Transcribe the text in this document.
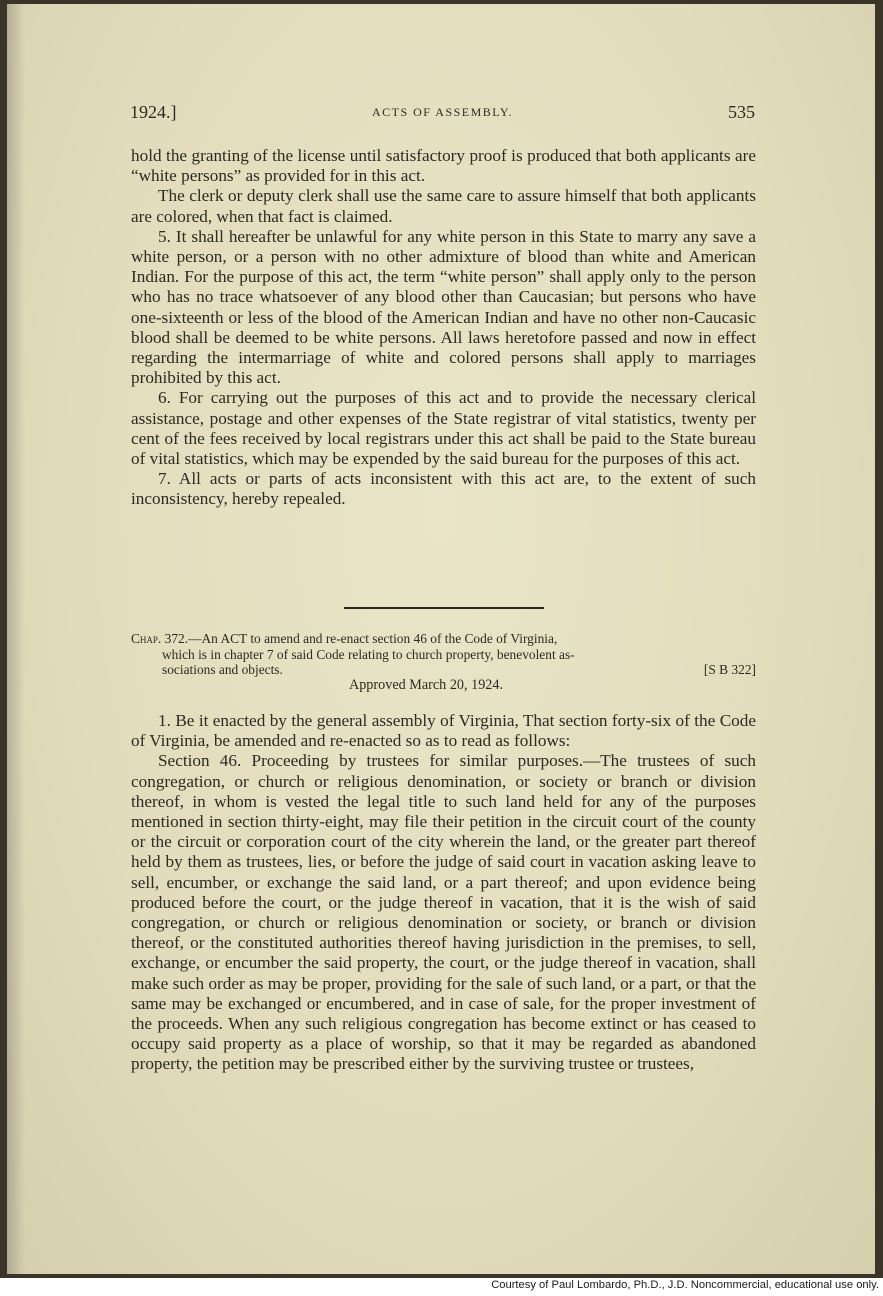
1924.]	ACTS OF ASSEMBLY.	535

hold the granting of the license until satisfactory proof is produced that both applicants are “white persons” as provided for in this act.

The clerk or deputy clerk shall use the same care to assure himself that both applicants are colored, when that fact is claimed.

5. It shall hereafter be unlawful for any white person in this State to marry any save a white person, or a person with no other admixture of blood than white and American Indian. For the purpose of this act, the term “white person” shall apply only to the person who has no trace whatsoever of any blood other than Caucasian; but persons who have one-sixteenth or less of the blood of the American Indian and have no other non-Caucasic blood shall be deemed to be white persons. All laws heretofore passed and now in effect regarding the intermarriage of white and colored persons shall apply to marriages prohibited by this act.

6. For carrying out the purposes of this act and to provide the necessary clerical assistance, postage and other expenses of the State registrar of vital statistics, twenty per cent of the fees received by local registrars under this act shall be paid to the State bureau of vital statistics, which may be expended by the said bureau for the purposes of this act.

7. All acts or parts of acts inconsistent with this act are, to the extent of such inconsistency, hereby repealed.

Chap. 372.—An ACT to amend and re-enact section 46 of the Code of Virginia,

which is in chapter 7 of said Code relating to church property, benevolent as-

sociations and objects.	[S B 322]

Approved March 20, 1924.

1. Be it enacted by the general assembly of Virginia, That section forty-six of the Code of Virginia, be amended and re-enacted so as to read as follows:

Section 46. Proceeding by trustees for similar purposes.—The trustees of such congregation, or church or religious denomination, or society or branch or division thereof, in whom is vested the legal title to such land held for any of the purposes mentioned in section thirty-eight, may file their petition in the circuit court of the county or the circuit or corporation court of the city wherein the land, or the greater part thereof held by them as trustees, lies, or before the judge of said court in vacation asking leave to sell, encumber, or exchange the said land, or a part thereof; and upon evidence being produced before the court, or the judge thereof in vacation, that it is the wish of said congregation, or church or religious denomination or society, or branch or division thereof, or the constituted authorities thereof having jurisdiction in the premises, to sell, exchange, or encumber the said property, the court, or the judge thereof in vacation, shall make such order as may be proper, providing for the sale of such land, or a part, or that the same may be exchanged or encumbered, and in case of sale, for the proper investment of the proceeds. When any such religious congregation has become extinct or has ceased to occupy said property as a place of worship, so that it may be regarded as abandoned property, the petition may be prescribed either by the surviving trustee or trustees,

Courtesy of Paul Lombardo, Ph.D., J.D. Noncommercial, educational use only.
